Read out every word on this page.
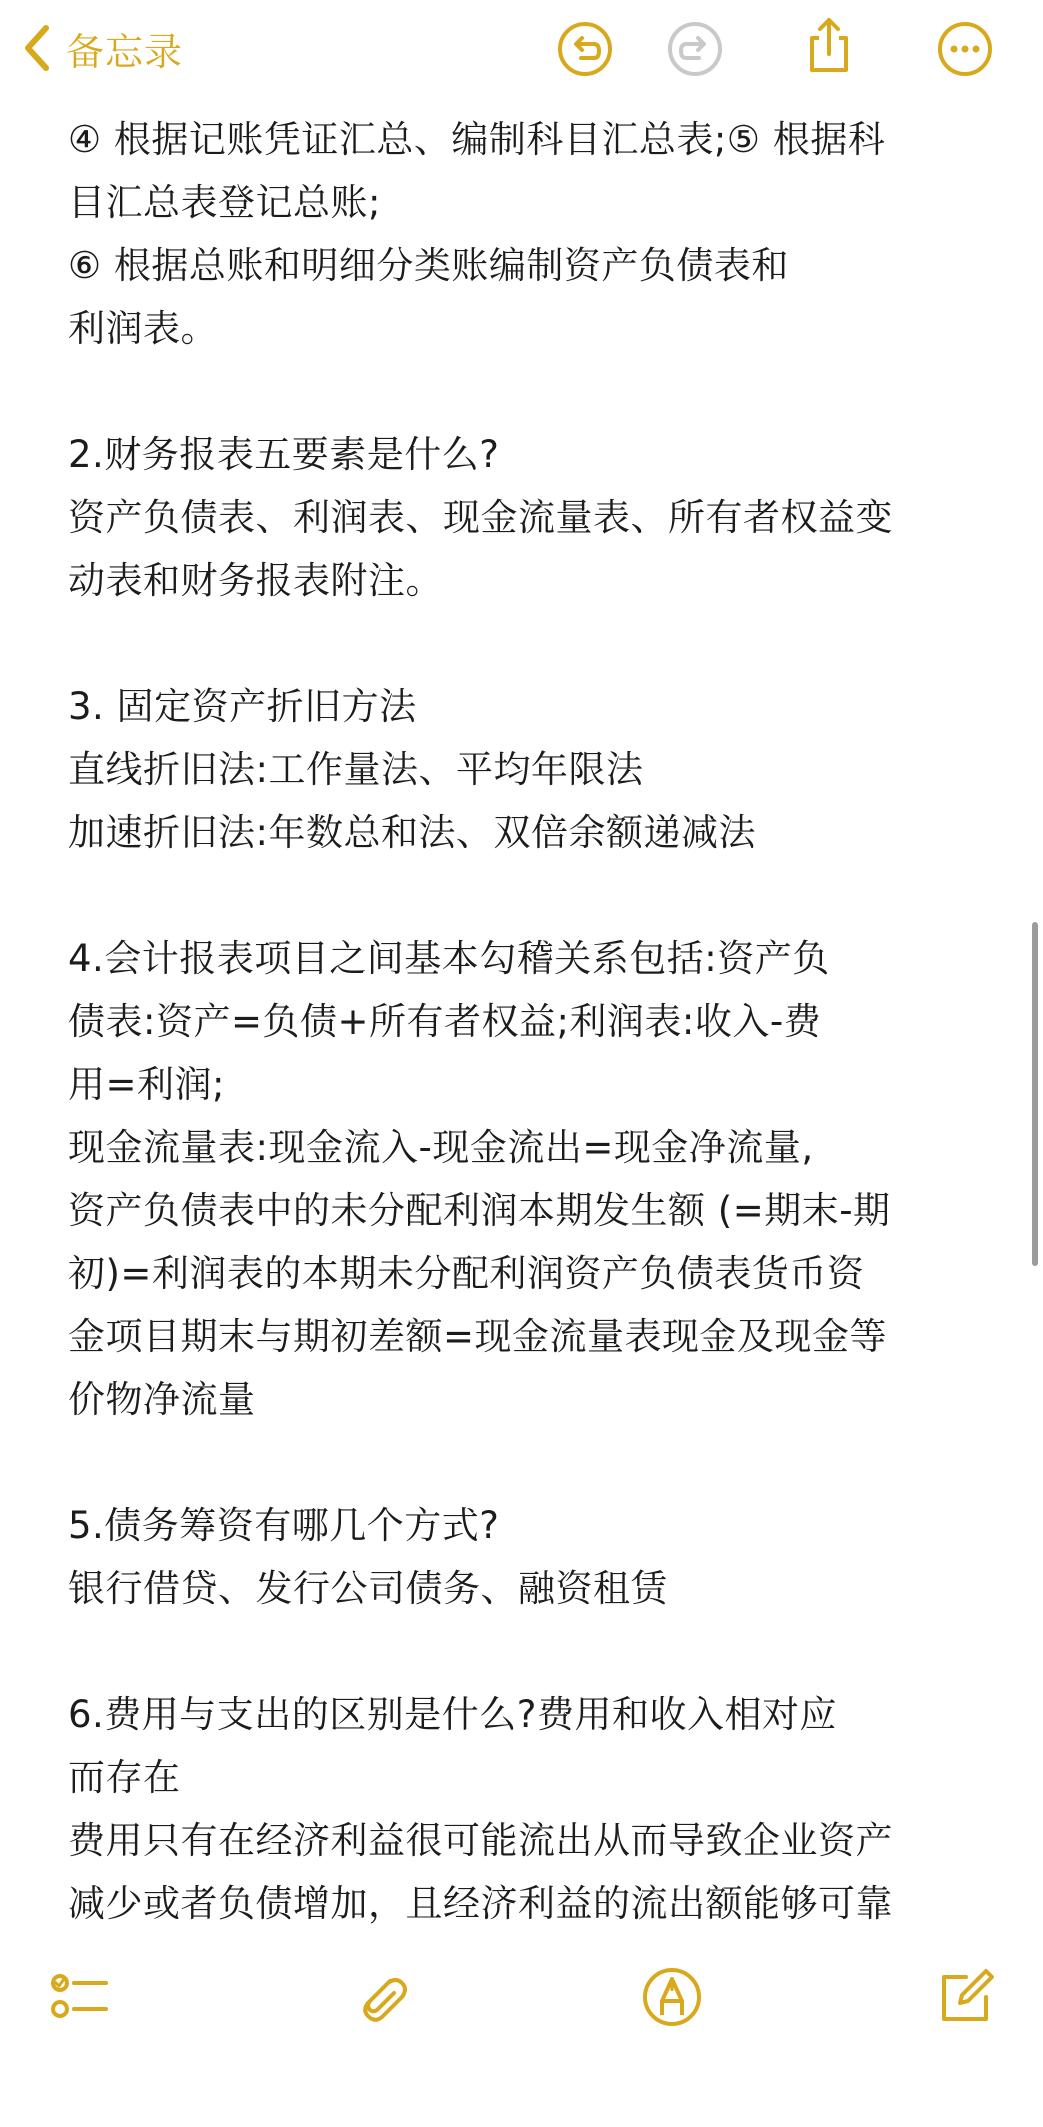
备忘录
④ 根据记账凭证汇总、编制科目汇总表;⑤ 根据科
目汇总表登记总账;
⑥ 根据总账和明细分类账编制资产负债表和
利润表。
2.财务报表五要素是什么?
资产负债表、利润表、现金流量表、所有者权益变
动表和财务报表附注。
3. 固定资产折旧方法
直线折旧法:工作量法、平均年限法
加速折旧法:年数总和法、双倍余额递减法
4.会计报表项目之间基本勾稽关系包括:资产负
债表:资产=负债+所有者权益;利润表:收入-费
用=利润;
现金流量表:现金流入-现金流出=现金净流量,
资产负债表中的未分配利润本期发生额 (=期末-期
初)=利润表的本期未分配利润资产负债表货币资
金项目期末与期初差额=现金流量表现金及现金等
价物净流量
5.债务筹资有哪几个方式?
银行借贷、发行公司债务、融资租赁
6.费用与支出的区别是什么?费用和收入相对应
而存在
费用只有在经济利益很可能流出从而导致企业资产
减少或者负债增加，且经济利益的流出额能够可靠
